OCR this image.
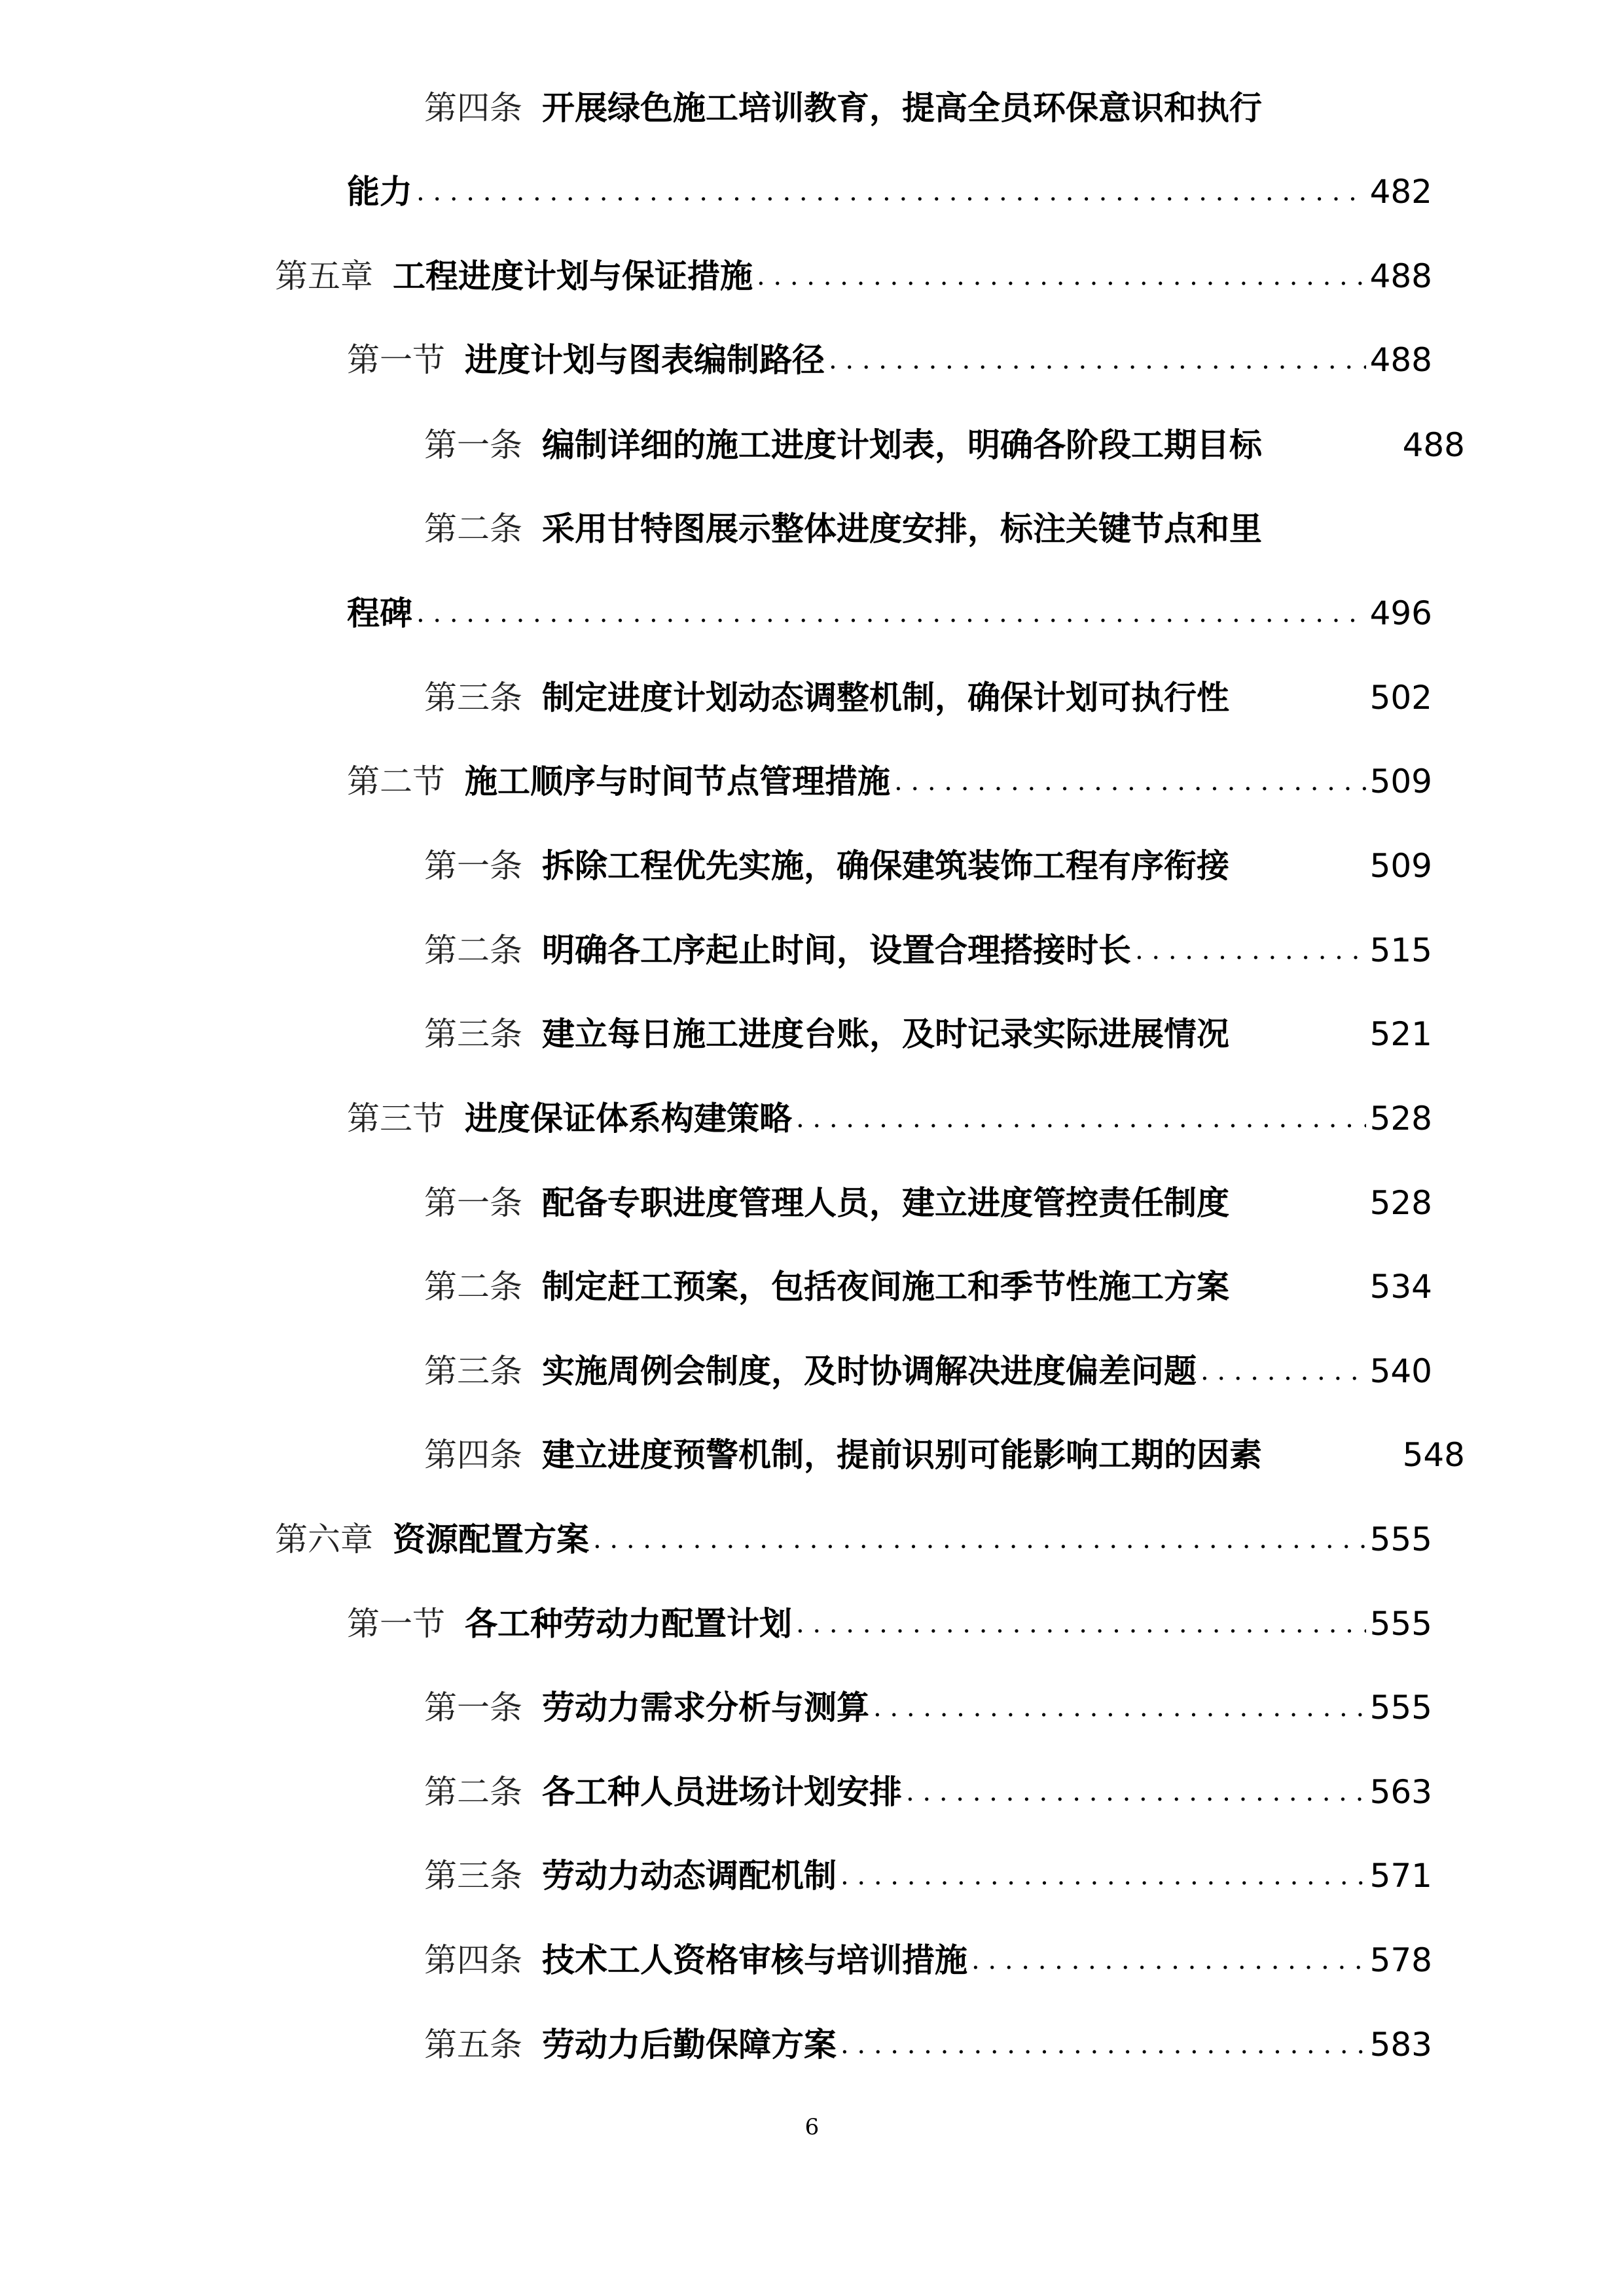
第四条 开展绿色施工培训教育，提高全员环保意识和执行
能力 . . .	482
第五章 工程进度计划与保证措施 . . .	488
第一节 进度计划与图表编制路径 . . .	488
第一条 编制详细的施工进度计划表，明确各阶段工期目标	488
第二条 采用甘特图展示整体进度安排，标注关键节点和里
程碑 . . .	496
第三条 制定进度计划动态调整机制，确保计划可执行性	502
第二节 施工顺序与时间节点管理措施 . . .	509
第一条 拆除工程优先实施，确保建筑装饰工程有序衔接	509
第二条 明确各工序起止时间，设置合理搭接时长 . . .	515
第三条 建立每日施工进度台账，及时记录实际进展情况	521
第三节 进度保证体系构建策略 . . .	528
第一条 配备专职进度管理人员，建立进度管控责任制度	528
第二条 制定赶工预案，包括夜间施工和季节性施工方案	534
第三条 实施周例会制度，及时协调解决进度偏差问题 . . .	540
第四条 建立进度预警机制，提前识别可能影响工期的因素	548
第六章 资源配置方案 . . .	555
第一节 各工种劳动力配置计划 . . .	555
第一条 劳动力需求分析与测算 . . .	555
第二条 各工种人员进场计划安排 . . .	563
第三条 劳动力动态调配机制 . . .	571
第四条 技术工人资格审核与培训措施 . . .	578
第五条 劳动力后勤保障方案 . . .	583
6
